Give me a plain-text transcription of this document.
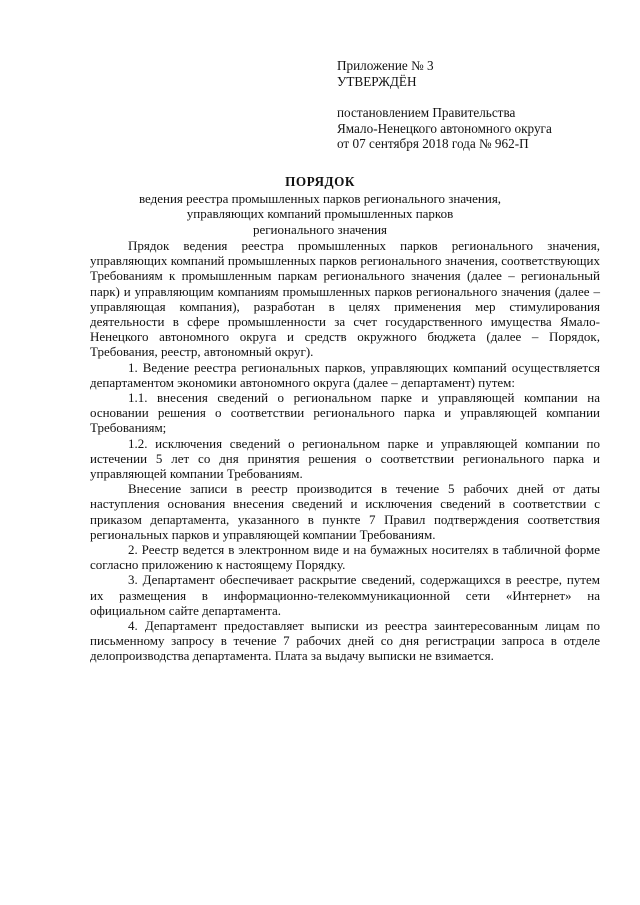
Приложение № 3
УТВЕРЖДЁН
постановлением Правительства
Ямало-Ненецкого автономного округа
от 07 сентября 2018 года № 962-П
ПОРЯДОК
ведения реестра промышленных парков регионального значения,
управляющих компаний промышленных парков
регионального значения

Прядок ведения реестра промышленных парков регионального значения, управляющих компаний промышленных парков регионального значения, соответствующих Требованиям к промышленным паркам регионального значения (далее – региональный парк) и управляющим компаниям промышленных парков регионального значения (далее – управляющая компания), разработан в целях применения мер стимулирования деятельности в сфере промышленности за счет государственного имущества Ямало-Ненецкого автономного округа и средств окружного бюджета (далее – Порядок, Требования, реестр, автономный округ).

1. Ведение реестра региональных парков, управляющих компаний осуществляется департаментом экономики автономного округа (далее – департамент) путем:

1.1. внесения сведений о региональном парке и управляющей компании на основании решения о соответствии регионального парка и управляющей компании Требованиям;

1.2. исключения сведений о региональном парке и управляющей компании по истечении 5 лет со дня принятия решения о соответствии регионального парка и управляющей компании Требованиям.

Внесение записи в реестр производится в течение 5 рабочих дней от даты наступления основания внесения сведений и исключения сведений в соответствии с приказом департамента, указанного в пункте 7 Правил подтверждения соответствия региональных парков и управляющей компании Требованиям.

2. Реестр ведется в электронном виде и на бумажных носителях в табличной форме согласно приложению к настоящему Порядку.

3. Департамент обеспечивает раскрытие сведений, содержащихся в реестре, путем их размещения в информационно-телекоммуникационной сети «Интернет» на официальном сайте департамента.

4. Департамент предоставляет выписки из реестра заинтересованным лицам по письменному запросу в течение 7 рабочих дней со дня регистрации запроса в отделе делопроизводства департамента. Плата за выдачу выписки не взимается.
